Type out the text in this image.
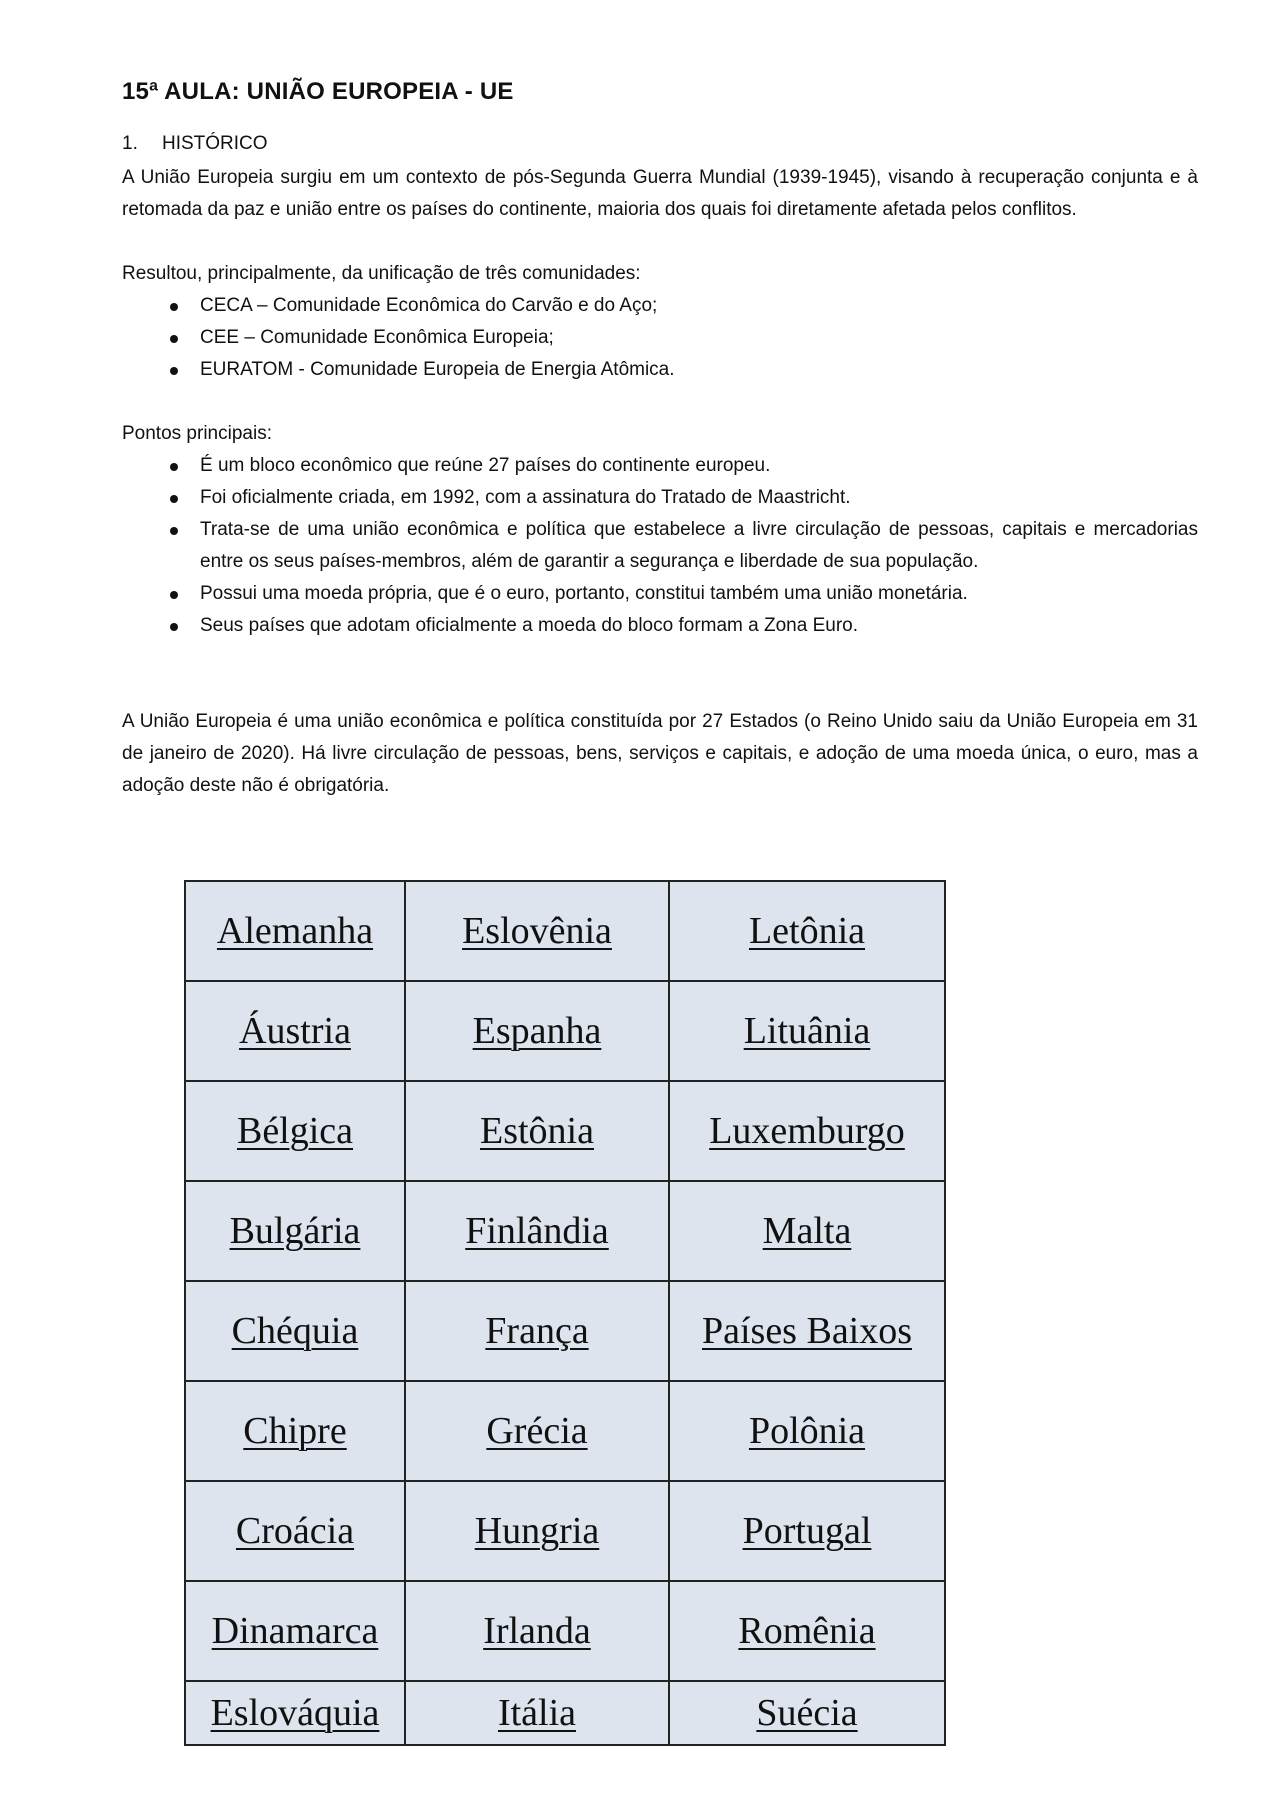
15ª AULA: UNIÃO EUROPEIA - UE
1. HISTÓRICO

A União Europeia surgiu em um contexto de pós-Segunda Guerra Mundial (1939-1945), visando à recuperação conjunta e à retomada da paz e união entre os países do continente, maioria dos quais foi diretamente afetada pelos conflitos.

Resultou, principalmente, da unificação de três comunidades:

CECA – Comunidade Econômica do Carvão e do Aço;
CEE – Comunidade Econômica Europeia;
EURATOM - Comunidade Europeia de Energia Atômica.

Pontos principais:

É um bloco econômico que reúne 27 países do continente europeu.
Foi oficialmente criada, em 1992, com a assinatura do Tratado de Maastricht.
Trata-se de uma união econômica e política que estabelece a livre circulação de pessoas, capitais e mercadorias entre os seus países-membros, além de garantir a segurança e liberdade de sua população.
Possui uma moeda própria, que é o euro, portanto, constitui também uma união monetária.
Seus países que adotam oficialmente a moeda do bloco formam a Zona Euro.

A União Europeia é uma união econômica e política constituída por 27 Estados (o Reino Unido saiu da União Europeia em 31 de janeiro de 2020). Há livre circulação de pessoas, bens, serviços e capitais, e adoção de uma moeda única, o euro, mas a adoção deste não é obrigatória.

Alemanha	Eslovênia	Letônia
Áustria	Espanha	Lituânia
Bélgica	Estônia	Luxemburgo
Bulgária	Finlândia	Malta
Chéquia	França	Países Baixos
Chipre	Grécia	Polônia
Croácia	Hungria	Portugal
Dinamarca	Irlanda	Romênia
Eslováquia	Itália	Suécia
